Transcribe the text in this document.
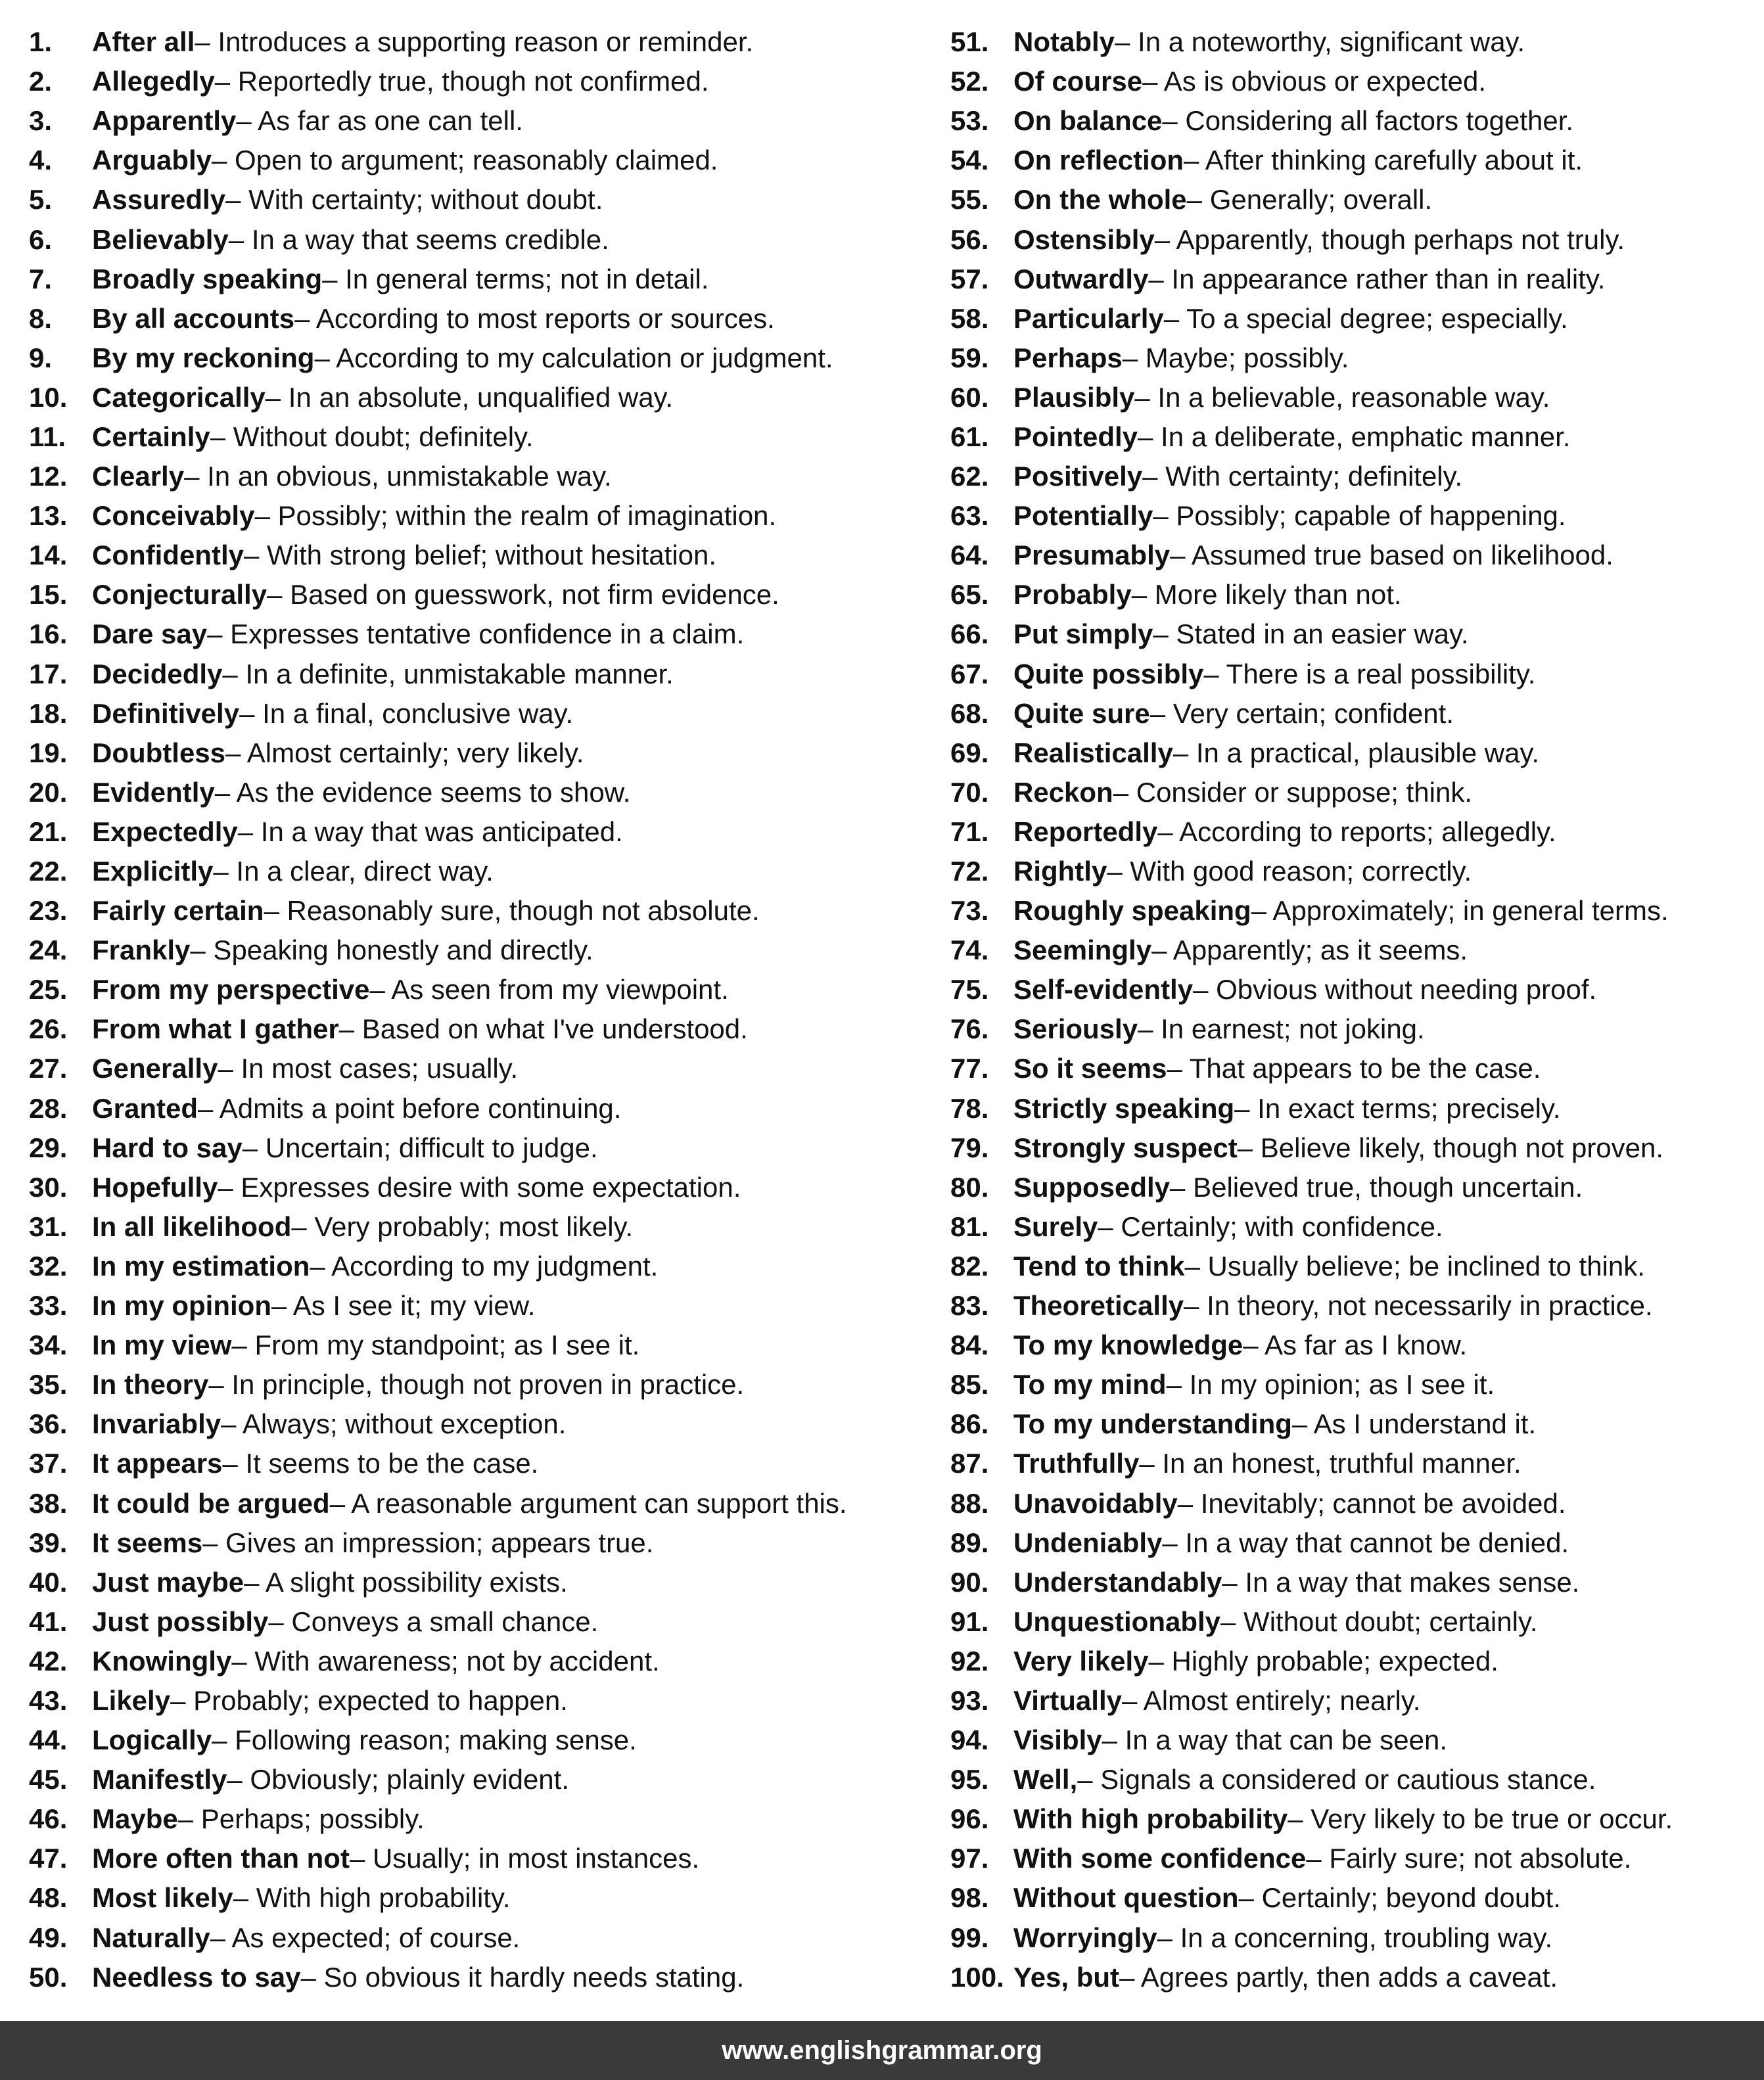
1.	After all – Introduces a supporting reason or reminder.
2.	Allegedly – Reportedly true, though not confirmed.
3.	Apparently – As far as one can tell.
4.	Arguably – Open to argument; reasonably claimed.
5.	Assuredly – With certainty; without doubt.
6.	Believably – In a way that seems credible.
7.	Broadly speaking – In general terms; not in detail.
8.	By all accounts – According to most reports or sources.
9.	By my reckoning – According to my calculation or judgment.
10. Categorically – In an absolute, unqualified way.
11. Certainly – Without doubt; definitely.
12. Clearly – In an obvious, unmistakable way.
13. Conceivably – Possibly; within the realm of imagination.
14. Confidently – With strong belief; without hesitation.
15. Conjecturally – Based on guesswork, not firm evidence.
16. Dare say – Expresses tentative confidence in a claim.
17. Decidedly – In a definite, unmistakable manner.
18. Definitively – In a final, conclusive way.
19. Doubtless – Almost certainly; very likely.
20. Evidently – As the evidence seems to show.
21. Expectedly – In a way that was anticipated.
22. Explicitly – In a clear, direct way.
23. Fairly certain – Reasonably sure, though not absolute.
24. Frankly – Speaking honestly and directly.
25. From my perspective – As seen from my viewpoint.
26. From what I gather – Based on what I've understood.
27. Generally – In most cases; usually.
28. Granted – Admits a point before continuing.
29. Hard to say – Uncertain; difficult to judge.
30. Hopefully – Expresses desire with some expectation.
31. In all likelihood – Very probably; most likely.
32. In my estimation – According to my judgment.
33. In my opinion – As I see it; my view.
34. In my view – From my standpoint; as I see it.
35. In theory – In principle, though not proven in practice.
36. Invariably – Always; without exception.
37. It appears – It seems to be the case.
38. It could be argued – A reasonable argument can support this.
39. It seems – Gives an impression; appears true.
40. Just maybe – A slight possibility exists.
41. Just possibly – Conveys a small chance.
42. Knowingly – With awareness; not by accident.
43. Likely – Probably; expected to happen.
44. Logically – Following reason; making sense.
45. Manifestly – Obviously; plainly evident.
46. Maybe – Perhaps; possibly.
47. More often than not – Usually; in most instances.
48. Most likely – With high probability.
49. Naturally – As expected; of course.
50. Needless to say – So obvious it hardly needs stating.
51. Notably – In a noteworthy, significant way.
52. Of course – As is obvious or expected.
53. On balance – Considering all factors together.
54. On reflection – After thinking carefully about it.
55. On the whole – Generally; overall.
56. Ostensibly – Apparently, though perhaps not truly.
57. Outwardly – In appearance rather than in reality.
58. Particularly – To a special degree; especially.
59. Perhaps – Maybe; possibly.
60. Plausibly – In a believable, reasonable way.
61. Pointedly – In a deliberate, emphatic manner.
62. Positively – With certainty; definitely.
63. Potentially – Possibly; capable of happening.
64. Presumably – Assumed true based on likelihood.
65. Probably – More likely than not.
66. Put simply – Stated in an easier way.
67. Quite possibly – There is a real possibility.
68. Quite sure – Very certain; confident.
69. Realistically – In a practical, plausible way.
70. Reckon – Consider or suppose; think.
71. Reportedly – According to reports; allegedly.
72. Rightly – With good reason; correctly.
73. Roughly speaking – Approximately; in general terms.
74. Seemingly – Apparently; as it seems.
75. Self-evidently – Obvious without needing proof.
76. Seriously – In earnest; not joking.
77. So it seems – That appears to be the case.
78. Strictly speaking – In exact terms; precisely.
79. Strongly suspect – Believe likely, though not proven.
80. Supposedly – Believed true, though uncertain.
81. Surely – Certainly; with confidence.
82. Tend to think – Usually believe; be inclined to think.
83. Theoretically – In theory, not necessarily in practice.
84. To my knowledge – As far as I know.
85. To my mind – In my opinion; as I see it.
86. To my understanding – As I understand it.
87. Truthfully – In an honest, truthful manner.
88. Unavoidably – Inevitably; cannot be avoided.
89. Undeniably – In a way that cannot be denied.
90. Understandably – In a way that makes sense.
91. Unquestionably – Without doubt; certainly.
92. Very likely – Highly probable; expected.
93. Virtually – Almost entirely; nearly.
94. Visibly – In a way that can be seen.
95. Well, – Signals a considered or cautious stance.
96. With high probability – Very likely to be true or occur.
97. With some confidence – Fairly sure; not absolute.
98. Without question – Certainly; beyond doubt.
99. Worryingly – In a concerning, troubling way.
100. Yes, but – Agrees partly, then adds a caveat.
www.englishgrammar.org
